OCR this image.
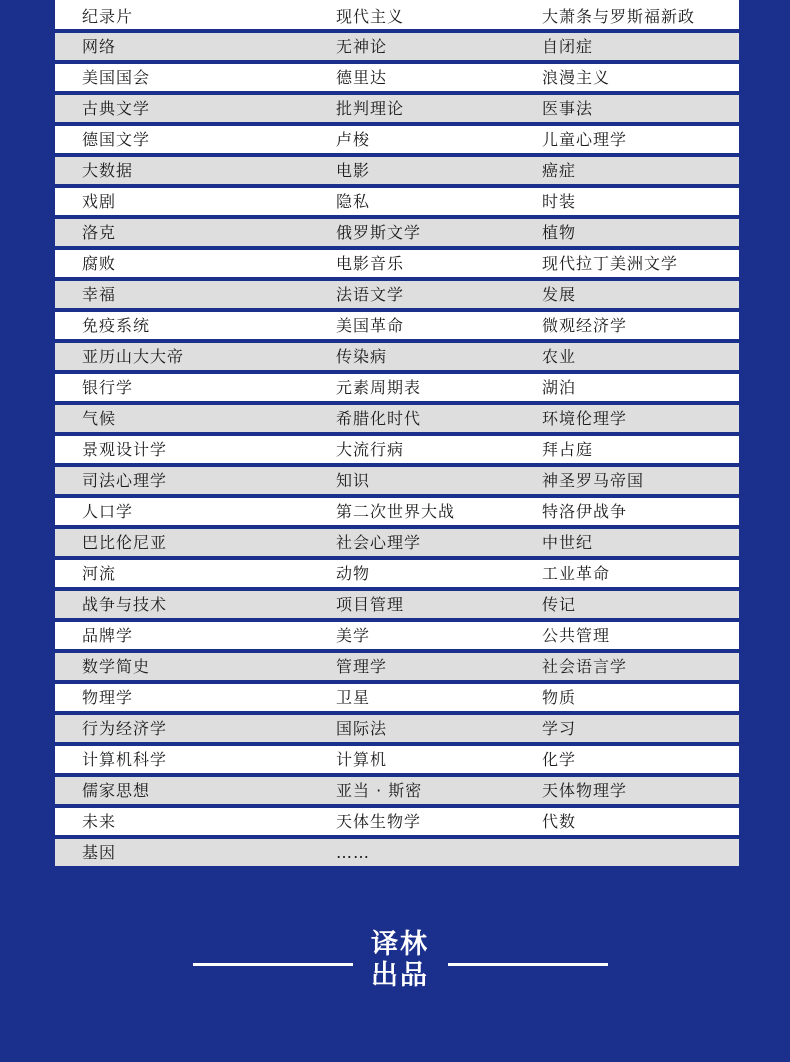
纪录片	现代主义	大萧条与罗斯福新政
网络	无神论	自闭症
美国国会	德里达	浪漫主义
古典文学	批判理论	医事法
德国文学	卢梭	儿童心理学
大数据	电影	癌症
戏剧	隐私	时装
洛克	俄罗斯文学	植物
腐败	电影音乐	现代拉丁美洲文学
幸福	法语文学	发展
免疫系统	美国革命	微观经济学
亚历山大大帝	传染病	农业
银行学	元素周期表	湖泊
气候	希腊化时代	环境伦理学
景观设计学	大流行病	拜占庭
司法心理学	知识	神圣罗马帝国
人口学	第二次世界大战	特洛伊战争
巴比伦尼亚	社会心理学	中世纪
河流	动物	工业革命
战争与技术	项目管理	传记
品牌学	美学	公共管理
数学简史	管理学	社会语言学
物理学	卫星	物质
行为经济学	国际法	学习
计算机科学	计算机	化学
儒家思想	亚当 · 斯密	天体物理学
未来	天体生物学	代数
基因	……
译林
出品
